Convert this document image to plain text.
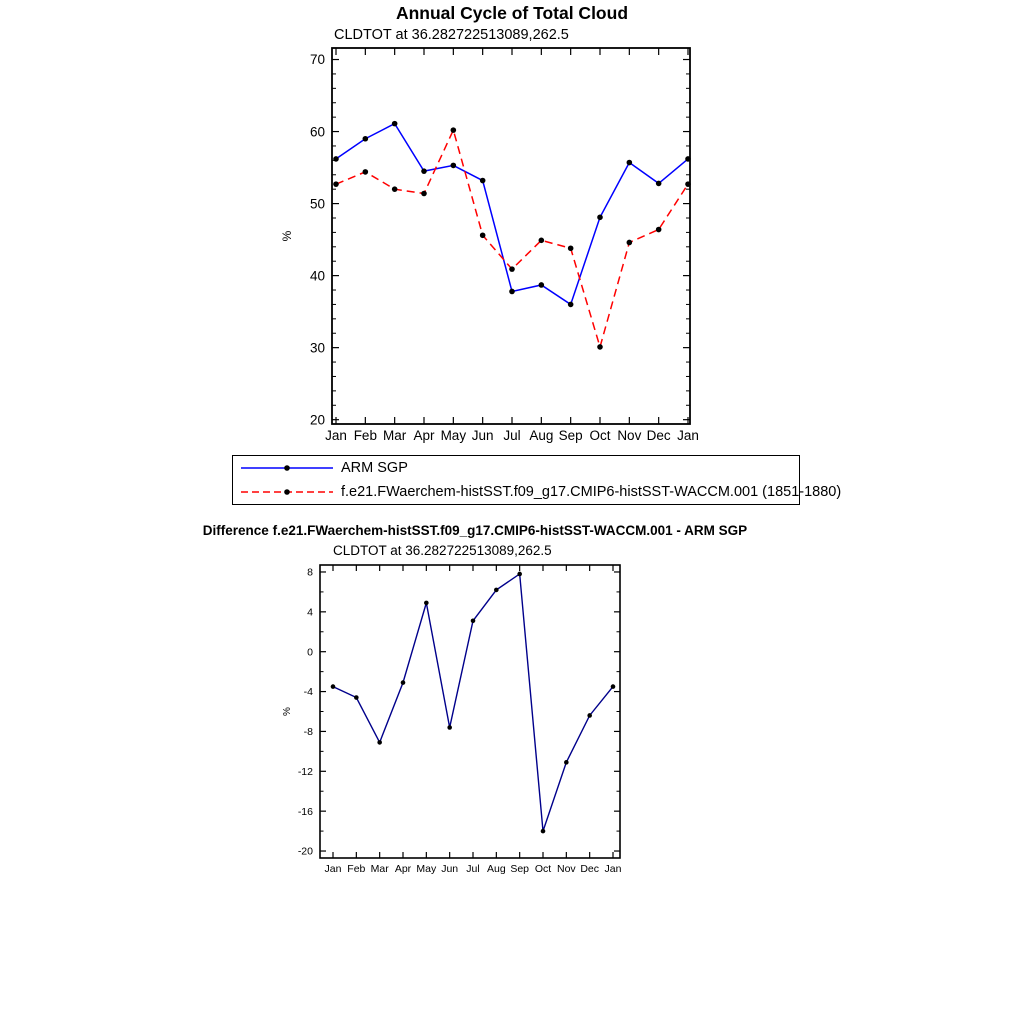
20
30
40
50
60
70
Jan Feb Mar Apr May Jun Jul Aug Sep Oct Nov Dec Jan
%
-20
-16
-12
-8
-4
0
4
8
Jan Feb Mar Apr May Jun Jul Aug Sep Oct Nov Dec Jan
%
Annual Cycle of Total Cloud
CLDTOT at 36.282722513089,262.5
ARM SGP
f.e21.FWaerchem-histSST.f09_g17.CMIP6-histSST-WACCM.001 (1851-1880)
Difference f.e21.FWaerchem-histSST.f09_g17.CMIP6-histSST-WACCM.001 - ARM SGP
CLDTOT at 36.282722513089,262.5
